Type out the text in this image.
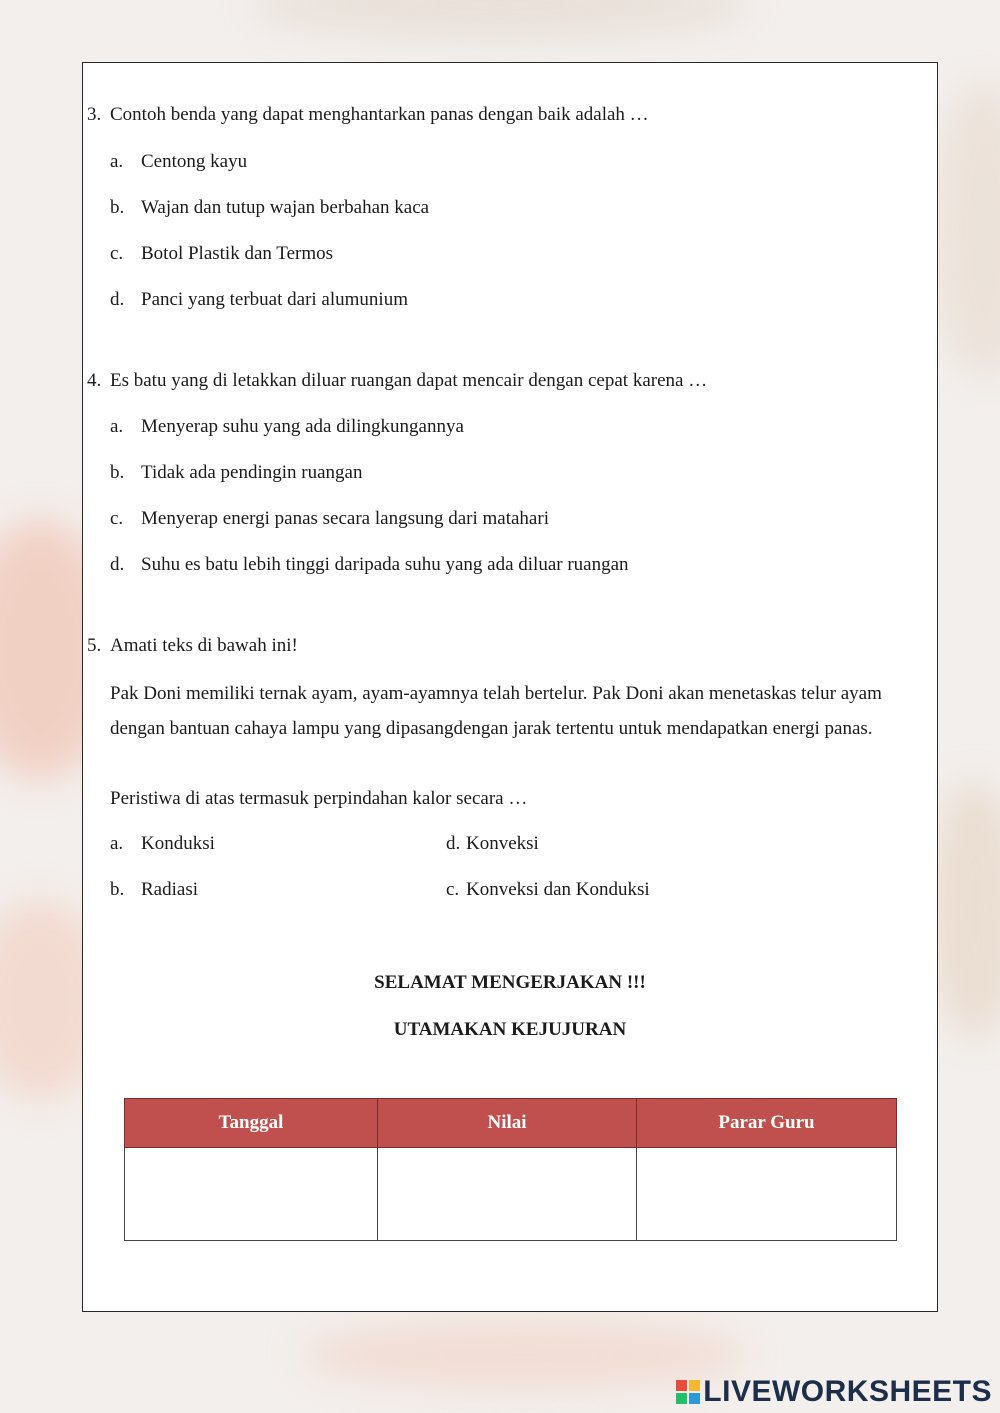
3. Contoh benda yang dapat menghantarkan panas dengan baik adalah …
a. Centong kayu
b. Wajan dan tutup wajan berbahan kaca
c. Botol Plastik dan Termos
d. Panci yang terbuat dari alumunium
4. Es batu yang di letakkan diluar ruangan dapat mencair dengan cepat karena …
a. Menyerap suhu yang ada dilingkungannya
b. Tidak ada pendingin ruangan
c. Menyerap energi panas secara langsung dari matahari
d. Suhu es batu lebih tinggi daripada suhu yang ada diluar ruangan
5. Amati teks di bawah ini!
Pak Doni memiliki ternak ayam, ayam-ayamnya telah bertelur. Pak Doni akan menetaskas telur ayam dengan bantuan cahaya lampu yang dipasangdengan jarak tertentu untuk mendapatkan energi panas.
Peristiwa di atas termasuk perpindahan kalor secara …
a. Konduksi	d. Konveksi
b. Radiasi	c. Konveksi dan Konduksi
SELAMAT MENGERJAKAN !!!
UTAMAKAN KEJUJURAN
Tanggal	Nilai	Parar Guru

LIVEWORKSHEETS
